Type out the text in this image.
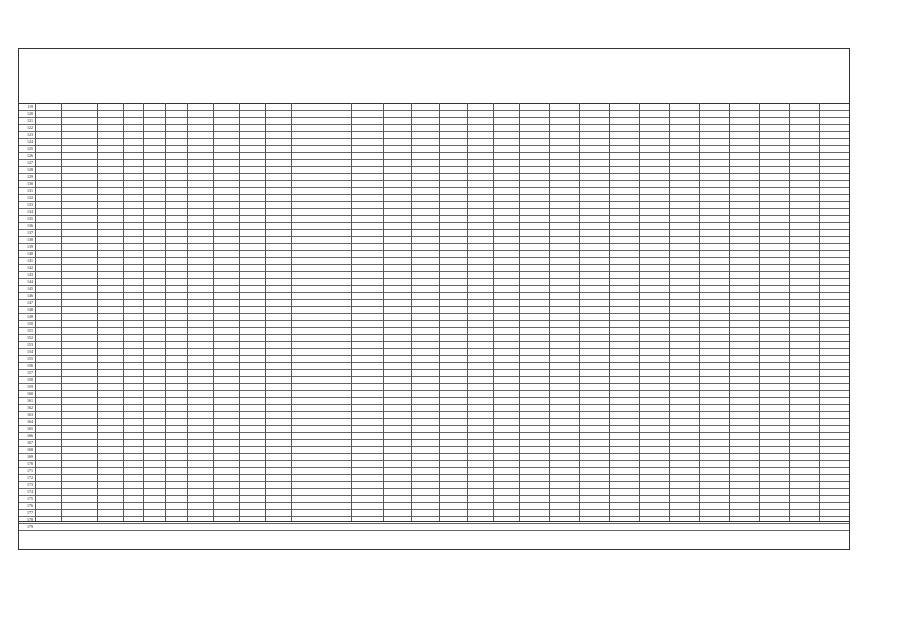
119
120
121
122
123
124
125
126
127
128
129
130
131
132
133
134
135
136
137
138
139
140
141
142
143
144
145
146
147
148
149
150
151
152
153
154
155
156
157
158
159
160
161
162
163
164
165
166
167
168
169
170
171
172
173
174
175
176
177
178
179
